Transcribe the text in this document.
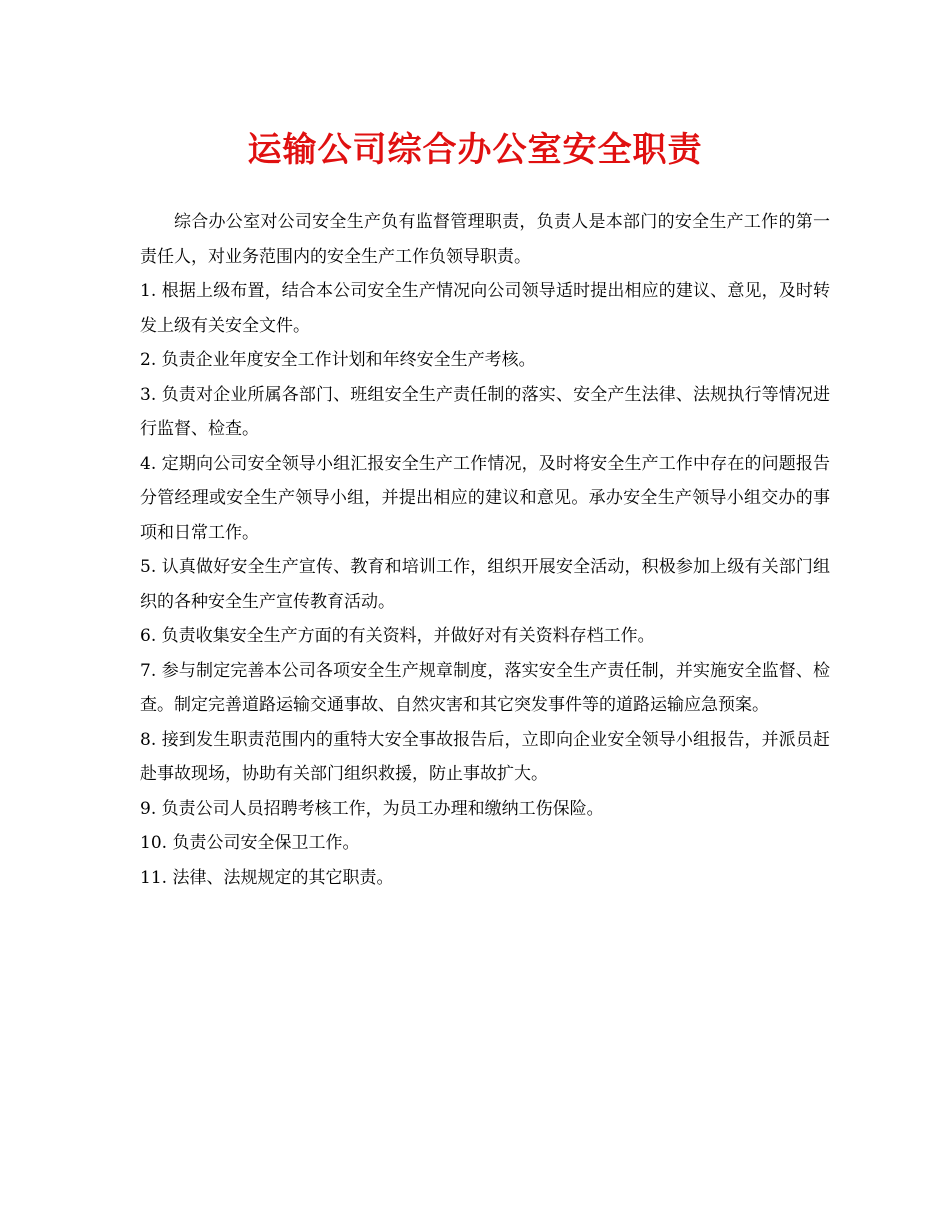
运输公司综合办公室安全职责

综合办公室对公司安全生产负有监督管理职责，负责人是本部门的安全生产工作的第一责任人，对业务范围内的安全生产工作负领导职责。

1. 根据上级布置，结合本公司安全生产情况向公司领导适时提出相应的建议、意见，及时转发上级有关安全文件。

2. 负责企业年度安全工作计划和年终安全生产考核。

3. 负责对企业所属各部门、班组安全生产责任制的落实、安全产生法律、法规执行等情况进行监督、检查。

4. 定期向公司安全领导小组汇报安全生产工作情况，及时将安全生产工作中存在的问题报告分管经理或安全生产领导小组，并提出相应的建议和意见。承办安全生产领导小组交办的事项和日常工作。

5. 认真做好安全生产宣传、教育和培训工作，组织开展安全活动，积极参加上级有关部门组织的各种安全生产宣传教育活动。

6. 负责收集安全生产方面的有关资料，并做好对有关资料存档工作。

7. 参与制定完善本公司各项安全生产规章制度，落实安全生产责任制，并实施安全监督、检查。制定完善道路运输交通事故、自然灾害和其它突发事件等的道路运输应急预案。

8. 接到发生职责范围内的重特大安全事故报告后，立即向企业安全领导小组报告，并派员赶赴事故现场，协助有关部门组织救援，防止事故扩大。

9. 负责公司人员招聘考核工作，为员工办理和缴纳工伤保险。

10. 负责公司安全保卫工作。

11. 法律、法规规定的其它职责。
